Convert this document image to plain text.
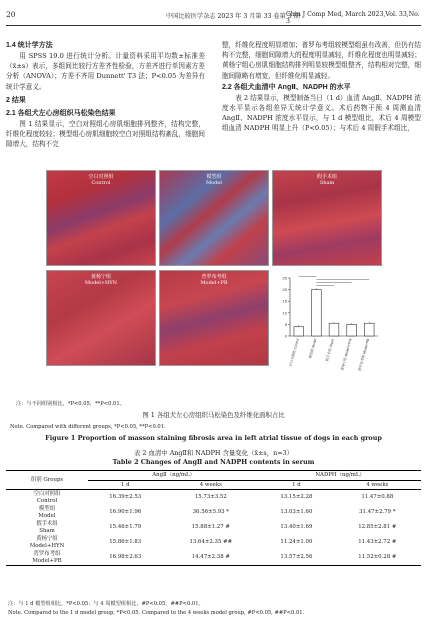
20	中国比较医学杂志 2023 年 3 月第 33 卷第 3 期
Chin J Comp Med, March 2023,Vol. 33,No. 3
1.4 统计学方法

用 SPSS 19.0 进行统计分析。计量资料采用平均数±标准差（x̄±s）表示，多组间比较行方差齐性检验，方差齐进行单因素方差分析（ANOVA）；方差不齐用 Dunnett' T3 法；P<0.05 为差异有统计学意义。

2 结果
2.1 各组犬左心房组织马松染色结果

图 1 结果显示，空白对照组心房肌细胞排列整齐，结构完整，纤维化程度较轻；模型组心房肌细胞较空白对照组结构紊乱，细胞间隙增大，结构不完

整，纤维化程度明显增加；普罗布考组较模型组虽有改善，但仍有结构不完整，细胞间隙增大的程度明显减轻，纤维化程度也明显减轻；黄杨宁组心房肌细胞结构排列明显较模型组整齐，结构相对完整，细胞间隙略有增宽，但纤维化明显减轻。

2.2 各组犬血清中 AngⅡ、NADPH 的水平

表 2 结果显示，模型制备当日（1 d）血清 AngⅡ、NADPH 浓度水平显示各组差异无统计学意义。术后药物干预 4 周测血清 AngⅡ、NADPH 浓度水平显示，与 1 d 模型组比，术后 4 周模型组血清 NADPH 明显上升（P<0.05）；与术后 4 周假手术组比，

空白对照组
Control
模型组
Model
假手术组
Sham
黄杨宁组
Model+HYN
普罗布考组
Model+PB
0
5
10
15
20
25
空白对照组 Control 模型组 Model 假手术组 Sham 黄杨宁组 Model+HYN 普罗布考组 Model+PB
注：与不同组别相比，*P<0.05，**P<0.01。
图 1 各组犬左心房组织马松染色及纤维化面积占比
Note. Compared with different groups, *P<0.05, **P<0.01.
Figure 1 Proportion of masson staining fibrosis area in left atrial tissue of dogs in each group
表 2 血清中 AngⅡ和 NADPH 含量变化（x̄±s，n=3）
Table 2 Changes of AngⅡ and NADPH contents in serum
组别 Groups	AngⅡ（ng/mL）		NADPH（ng/mL）	
	1 d	4 weeks	1 d	4 weeks

空白对照组
Control	16.39±2.53	15.73±3.52	13.15±2.28	11.47±0.88

模型组
Model	16.90±1.96	36.56±5.93 *	13.03±1.60	31.47±2.79 *

假手术组
Sham	15.46±1.79	15.88±1.27 #	13.40±1.69	12.85±2.81 #

黄杨宁组
Model+HYN	15.86±1.83	13.64±2.35 ##	11.24±1.00	11.43±2.72 #

普罗布考组
Model+PB	16.98±2.63	14.47±2.38 #	13.57±2.56	11.52±0.28 #
注：与 1 d 模型组相比，*P<0.05；与 4 周模型组相比，#P<0.05，##P<0.01。
Note. Compared to the 1 d model group, *P<0.05. Compared to the 4 weeks model group, #P<0.05, ##P<0.01.
